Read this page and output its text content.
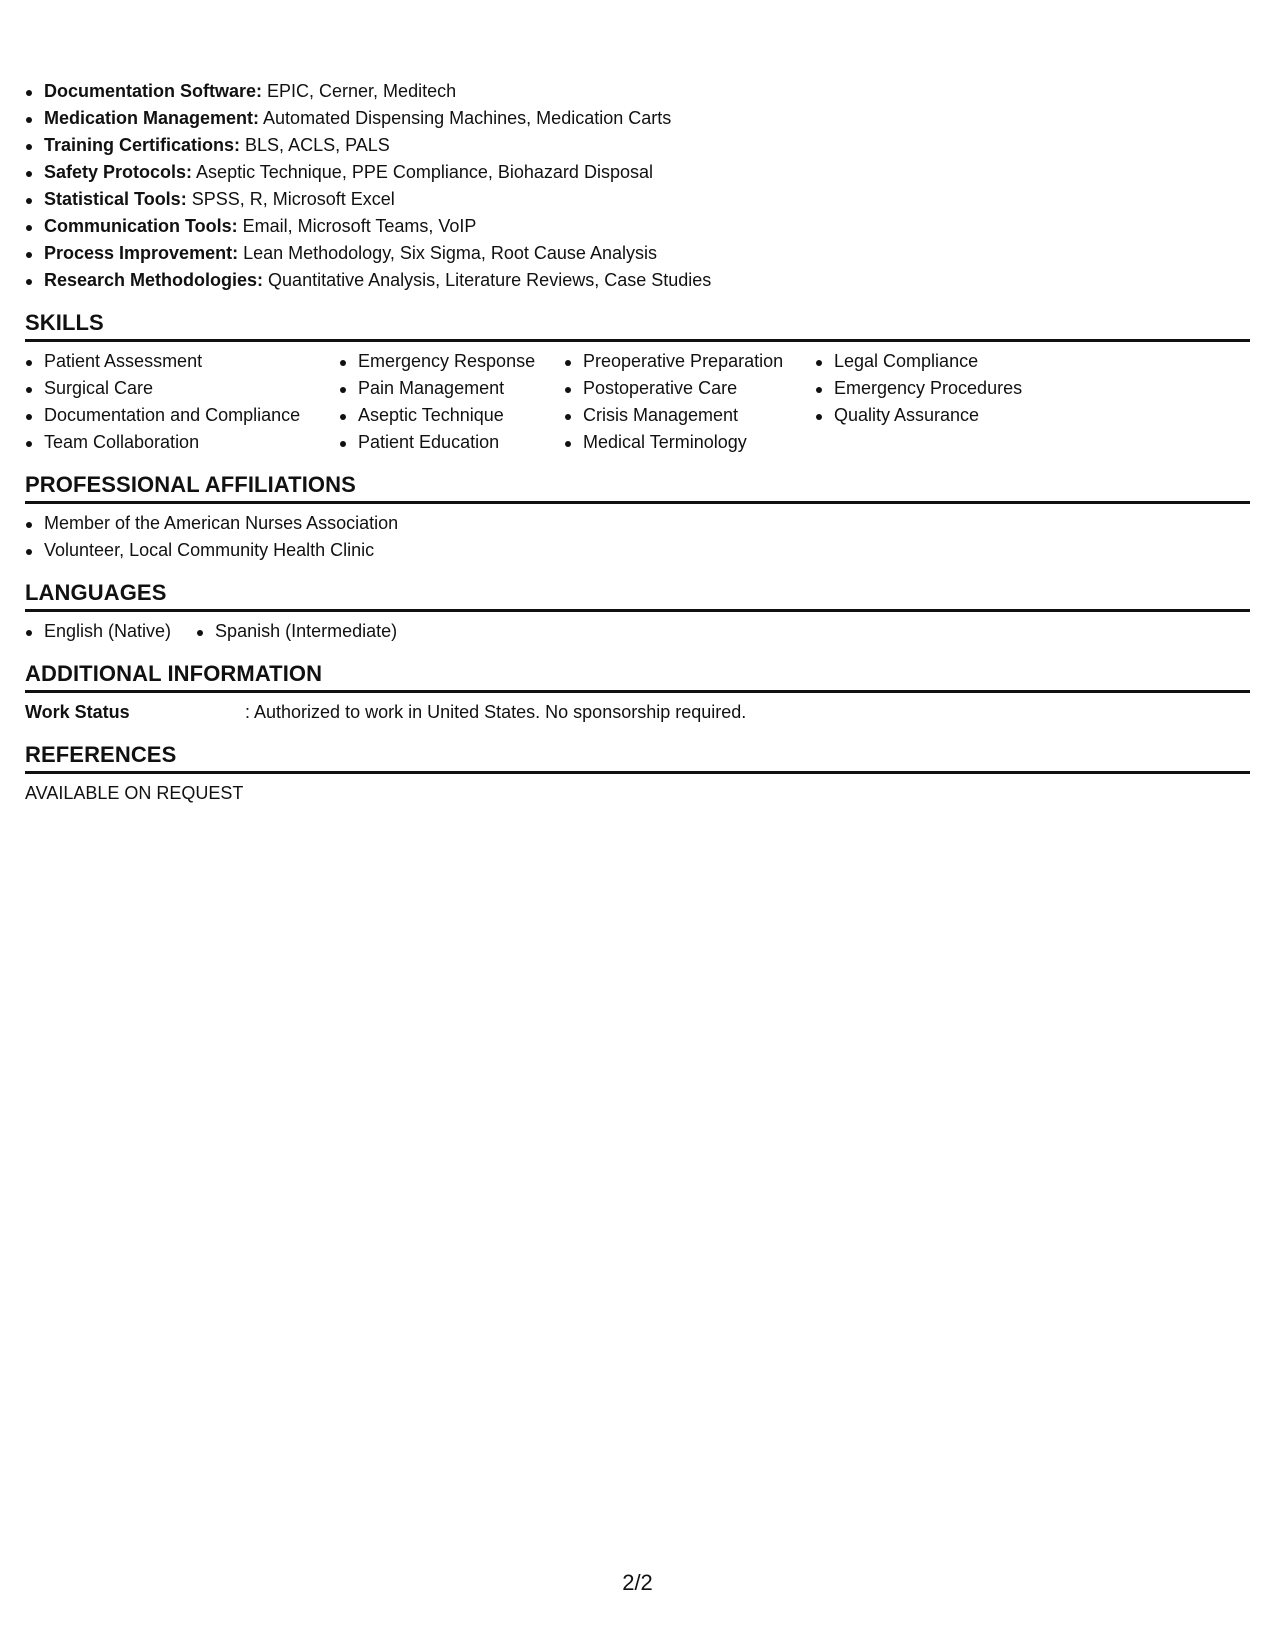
Documentation Software: EPIC, Cerner, Meditech
Medication Management: Automated Dispensing Machines, Medication Carts
Training Certifications: BLS, ACLS, PALS
Safety Protocols: Aseptic Technique, PPE Compliance, Biohazard Disposal
Statistical Tools: SPSS, R, Microsoft Excel
Communication Tools: Email, Microsoft Teams, VoIP
Process Improvement: Lean Methodology, Six Sigma, Root Cause Analysis
Research Methodologies: Quantitative Analysis, Literature Reviews, Case Studies
SKILLS
Patient Assessment
Surgical Care
Documentation and Compliance
Team Collaboration
Emergency Response
Pain Management
Aseptic Technique
Patient Education
Preoperative Preparation
Postoperative Care
Crisis Management
Medical Terminology
Legal Compliance
Emergency Procedures
Quality Assurance
PROFESSIONAL AFFILIATIONS
Member of the American Nurses Association
Volunteer, Local Community Health Clinic
LANGUAGES
English (Native)	Spanish (Intermediate)
ADDITIONAL INFORMATION
Work Status	: Authorized to work in United States. No sponsorship required.
REFERENCES
AVAILABLE ON REQUEST
2/2
